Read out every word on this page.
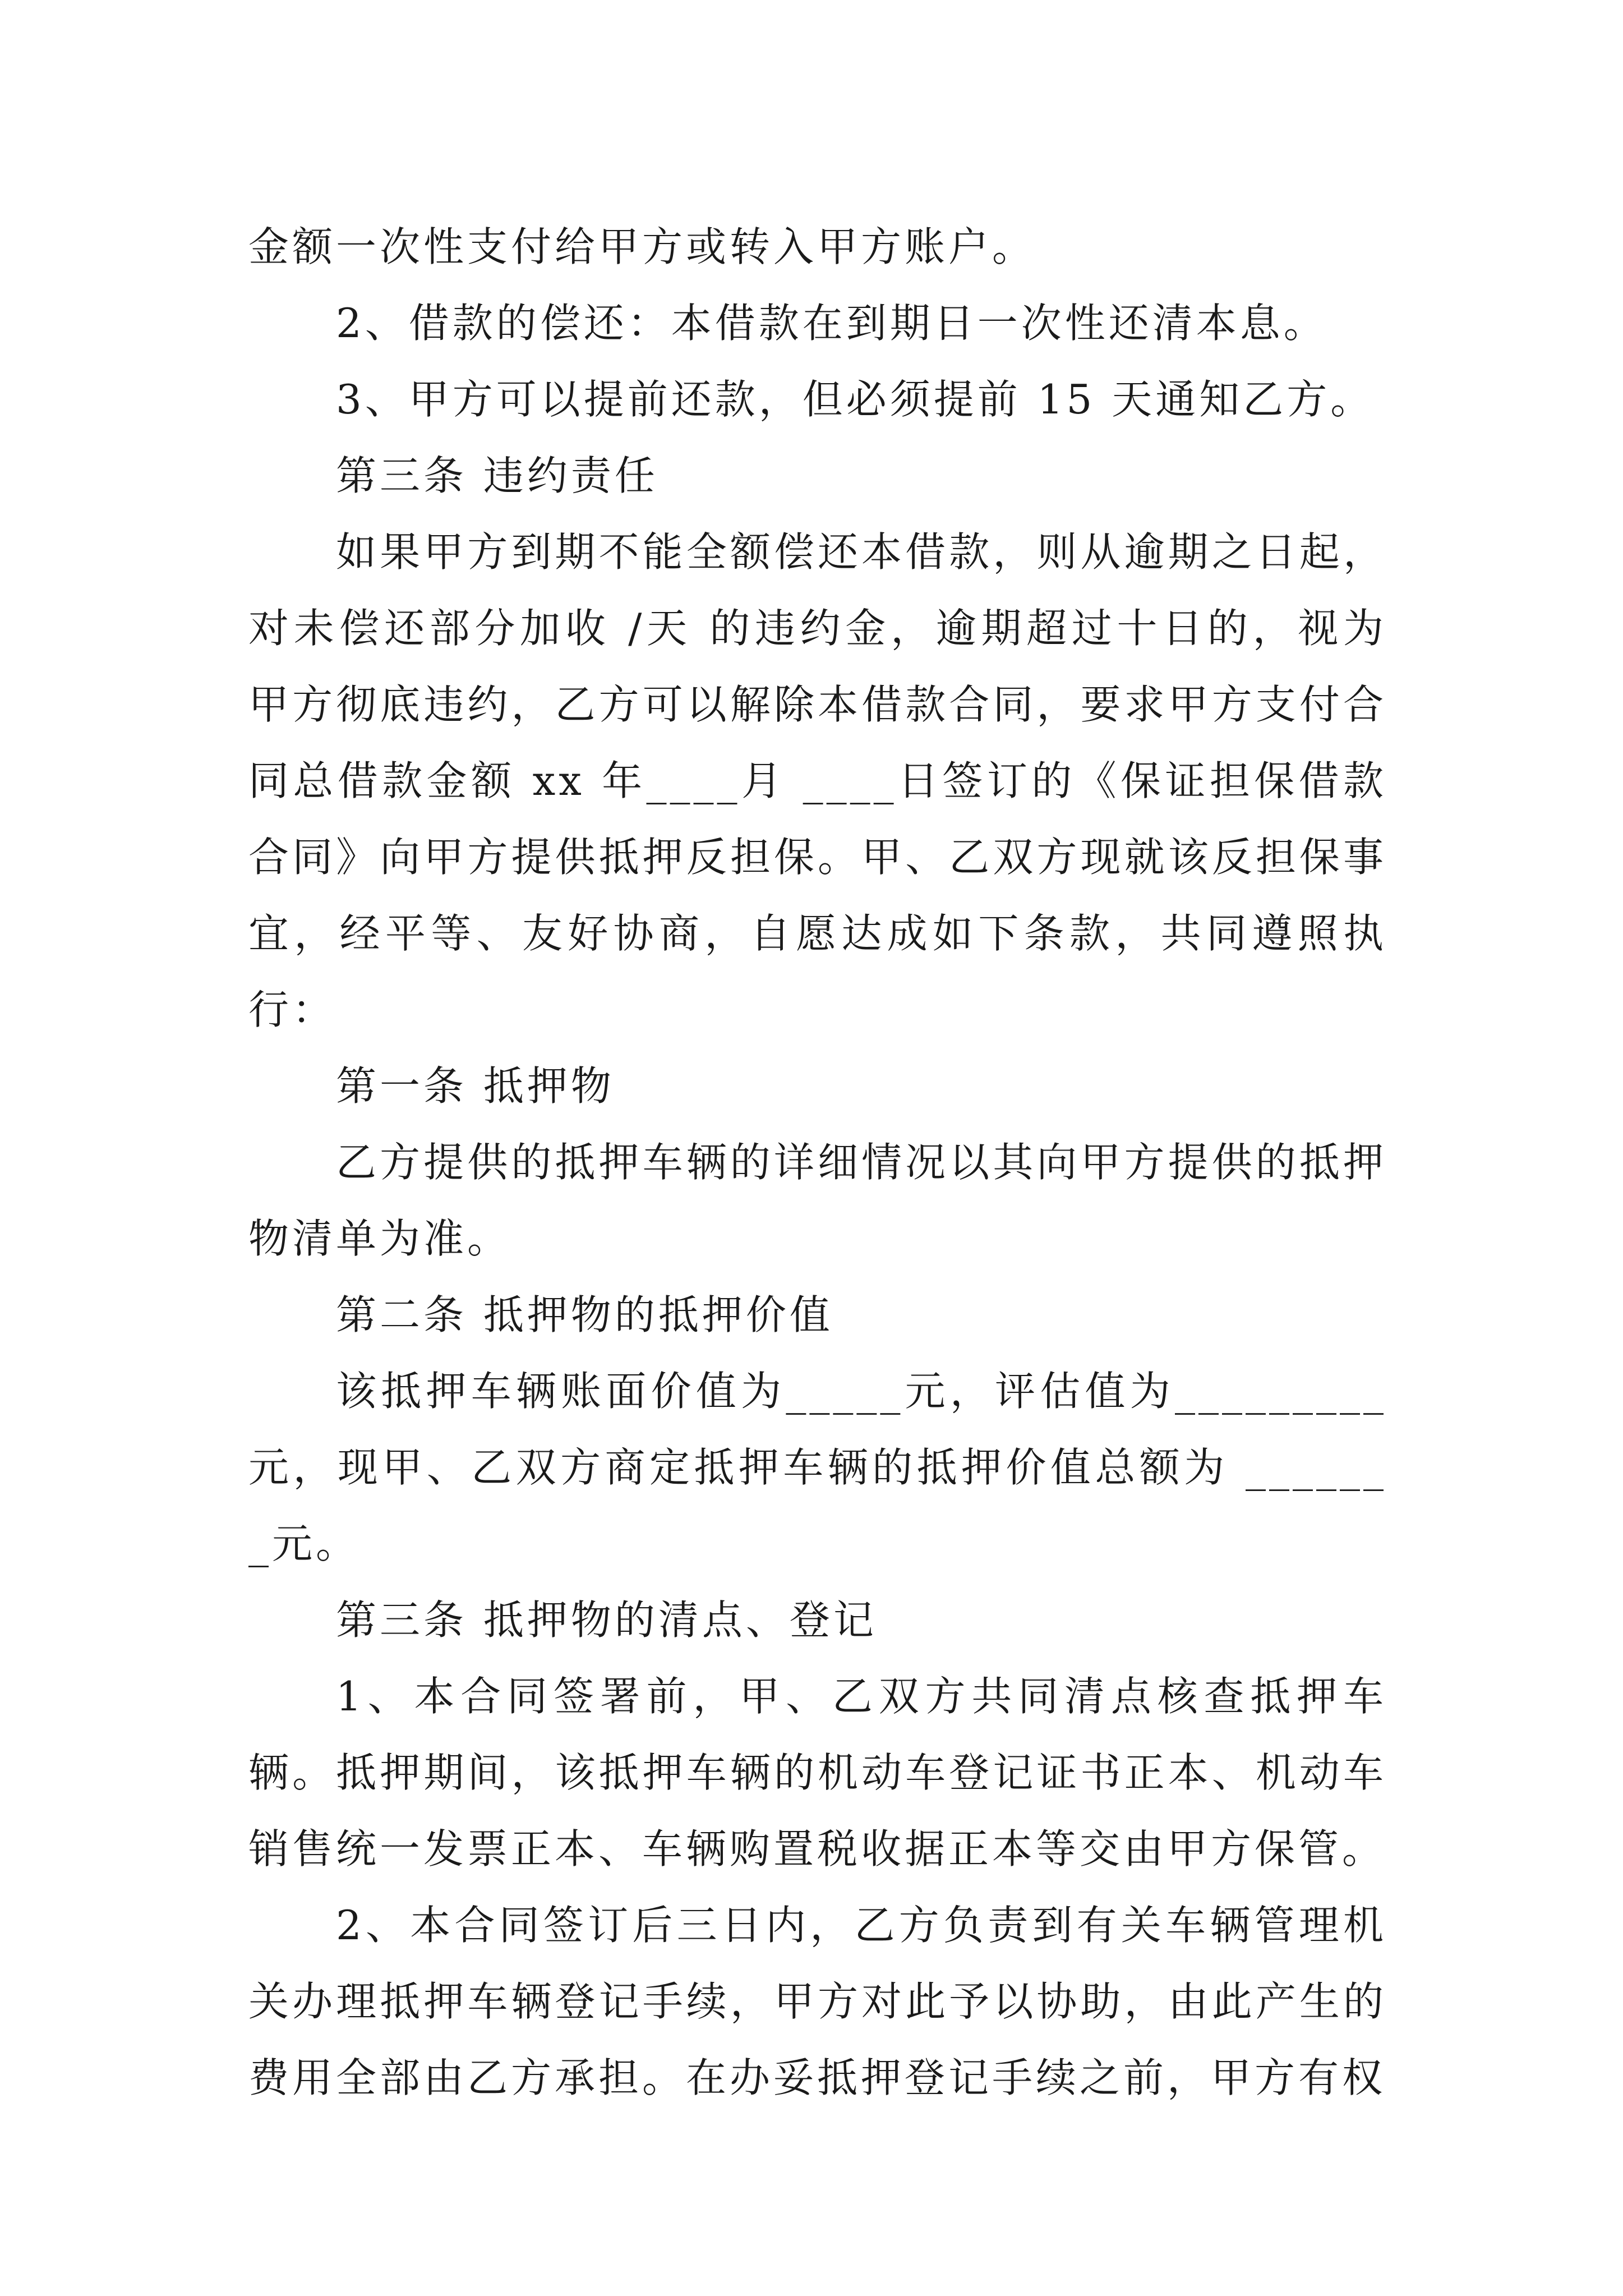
金额一次性支付给甲方或转入甲方账户。

2、借款的偿还：本借款在到期日一次性还清本息。

3、甲方可以提前还款，但必须提前 15 天通知乙方。

第三条 违约责任

如果甲方到期不能全额偿还本借款，则从逾期之日起，对未偿还部分加收 /天 的违约金，逾期超过十日的，视为甲方彻底违约，乙方可以解除本借款合同，要求甲方支付合同总借款金额 xx 年____月 ____日签订的《保证担保借款合同》向甲方提供抵押反担保。甲、乙双方现就该反担保事宜，经平等、友好协商，自愿达成如下条款，共同遵照执行：

第一条 抵押物

乙方提供的抵押车辆的详细情况以其向甲方提供的抵押物清单为准。

第二条 抵押物的抵押价值

该抵押车辆账面价值为_____元，评估值为_________元，现甲、乙双方商定抵押车辆的抵押价值总额为 _______元。

第三条 抵押物的清点、登记

1、本合同签署前，甲、乙双方共同清点核查抵押车辆。抵押期间，该抵押车辆的机动车登记证书正本、机动车销售统一发票正本、车辆购置税收据正本等交由甲方保管。

2、本合同签订后三日内，乙方负责到有关车辆管理机关办理抵押车辆登记手续，甲方对此予以协助，由此产生的费用全部由乙方承担。在办妥抵押登记手续之前，甲方有权
